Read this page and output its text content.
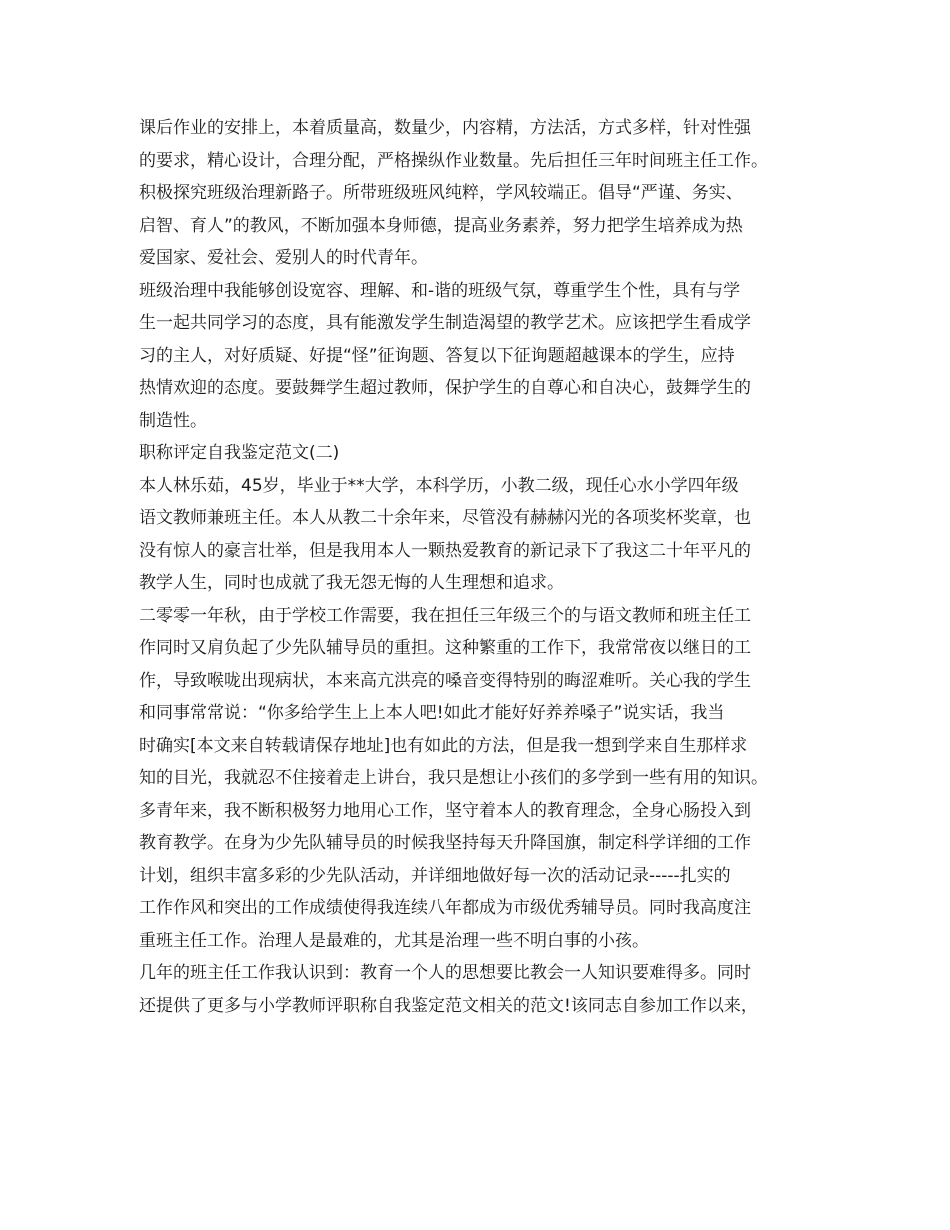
课后作业的安排上，本着质量高，数量少，内容精，方法活，方式多样，针对性强
的要求，精心设计，合理分配，严格操纵作业数量。先后担任三年时间班主任工作。
积极探究班级治理新路子。所带班级班风纯粹，学风较端正。倡导“严谨、务实、
启智、育人”的教风，不断加强本身师德，提高业务素养，努力把学生培养成为热
爱国家、爱社会、爱别人的时代青年。
班级治理中我能够创设宽容、理解、和-谐的班级气氛，尊重学生个性，具有与学
生一起共同学习的态度，具有能激发学生制造渴望的教学艺术。应该把学生看成学
习的主人，对好质疑、好提“怪”征询题、答复以下征询题超越课本的学生，应持
热情欢迎的态度。要鼓舞学生超过教师，保护学生的自尊心和自决心，鼓舞学生的
制造性。
职称评定自我鉴定范文(二)
本人林乐茹，45岁，毕业于**大学，本科学历，小教二级，现任心水小学四年级
语文教师兼班主任。本人从教二十余年来，尽管没有赫赫闪光的各项奖杯奖章，也
没有惊人的豪言壮举，但是我用本人一颗热爱教育的新记录下了我这二十年平凡的
教学人生，同时也成就了我无怨无悔的人生理想和追求。
二零零一年秋，由于学校工作需要，我在担任三年级三个的与语文教师和班主任工
作同时又肩负起了少先队辅导员的重担。这种繁重的工作下，我常常夜以继日的工
作，导致喉咙出现病状，本来高亢洪亮的嗓音变得特别的晦涩难听。关心我的学生
和同事常常说：“你多给学生上上本人吧!如此才能好好养养嗓子”说实话，我当
时确实[本文来自转载请保存地址]也有如此的方法，但是我一想到学来自生那样求
知的目光，我就忍不住接着走上讲台，我只是想让小孩们的多学到一些有用的知识。
多青年来，我不断积极努力地用心工作，坚守着本人的教育理念，全身心肠投入到
教育教学。在身为少先队辅导员的时候我坚持每天升降国旗，制定科学详细的工作
计划，组织丰富多彩的少先队活动，并详细地做好每一次的活动记录-----扎实的
工作作风和突出的工作成绩使得我连续八年都成为市级优秀辅导员。同时我高度注
重班主任工作。治理人是最难的，尤其是治理一些不明白事的小孩。
几年的班主任工作我认识到：教育一个人的思想要比教会一人知识要难得多。同时
还提供了更多与小学教师评职称自我鉴定范文相关的范文!该同志自参加工作以来，
